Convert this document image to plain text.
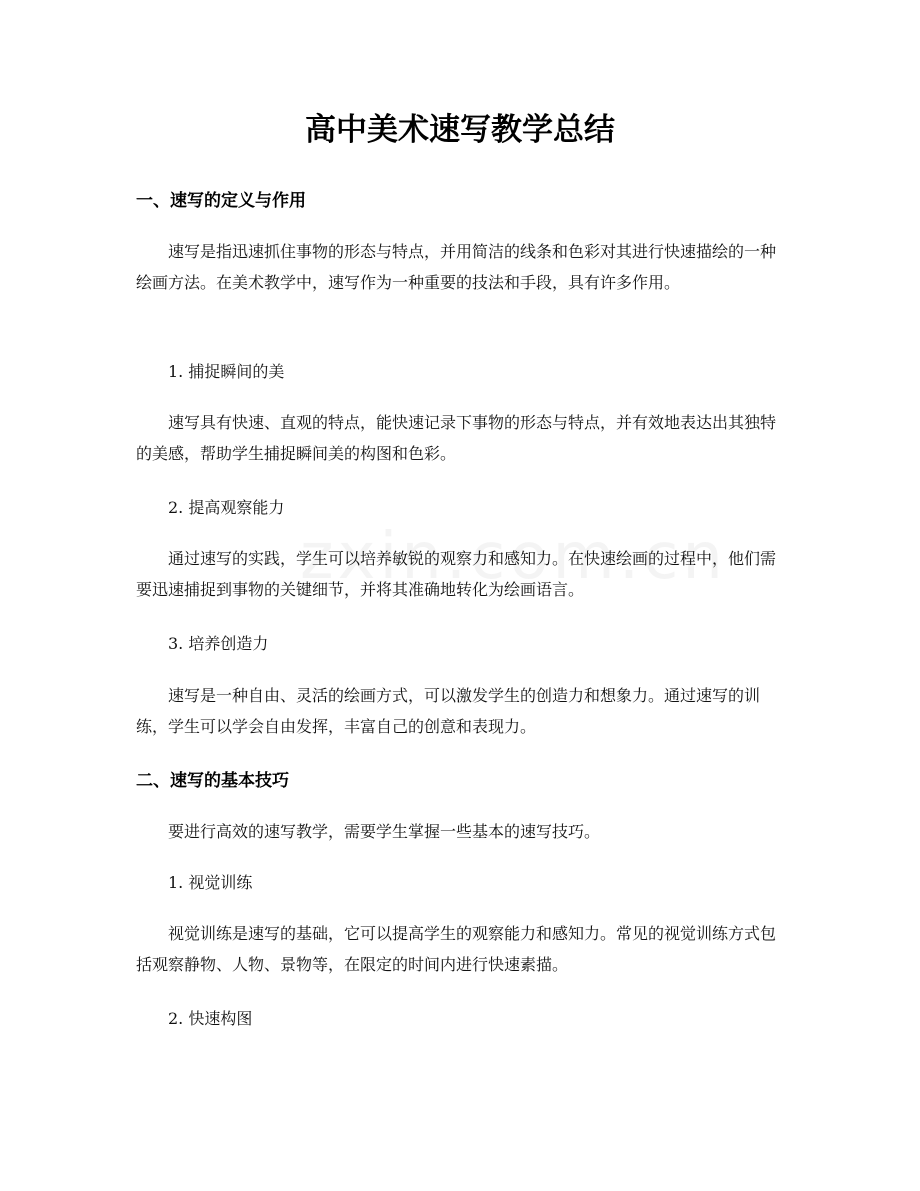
高中美术速写教学总结
一、速写的定义与作用
速写是指迅速抓住事物的形态与特点，并用简洁的线条和色彩对其进行快速描绘的一种绘画方法。在美术教学中，速写作为一种重要的技法和手段，具有许多作用。
1. 捕捉瞬间的美
速写具有快速、直观的特点，能快速记录下事物的形态与特点，并有效地表达出其独特的美感，帮助学生捕捉瞬间美的构图和色彩。
2. 提高观察能力
通过速写的实践，学生可以培养敏锐的观察力和感知力。在快速绘画的过程中，他们需要迅速捕捉到事物的关键细节，并将其准确地转化为绘画语言。
3. 培养创造力
速写是一种自由、灵活的绘画方式，可以激发学生的创造力和想象力。通过速写的训练，学生可以学会自由发挥，丰富自己的创意和表现力。
二、速写的基本技巧
要进行高效的速写教学，需要学生掌握一些基本的速写技巧。
1. 视觉训练
视觉训练是速写的基础，它可以提高学生的观察能力和感知力。常见的视觉训练方式包括观察静物、人物、景物等，在限定的时间内进行快速素描。
2. 快速构图
